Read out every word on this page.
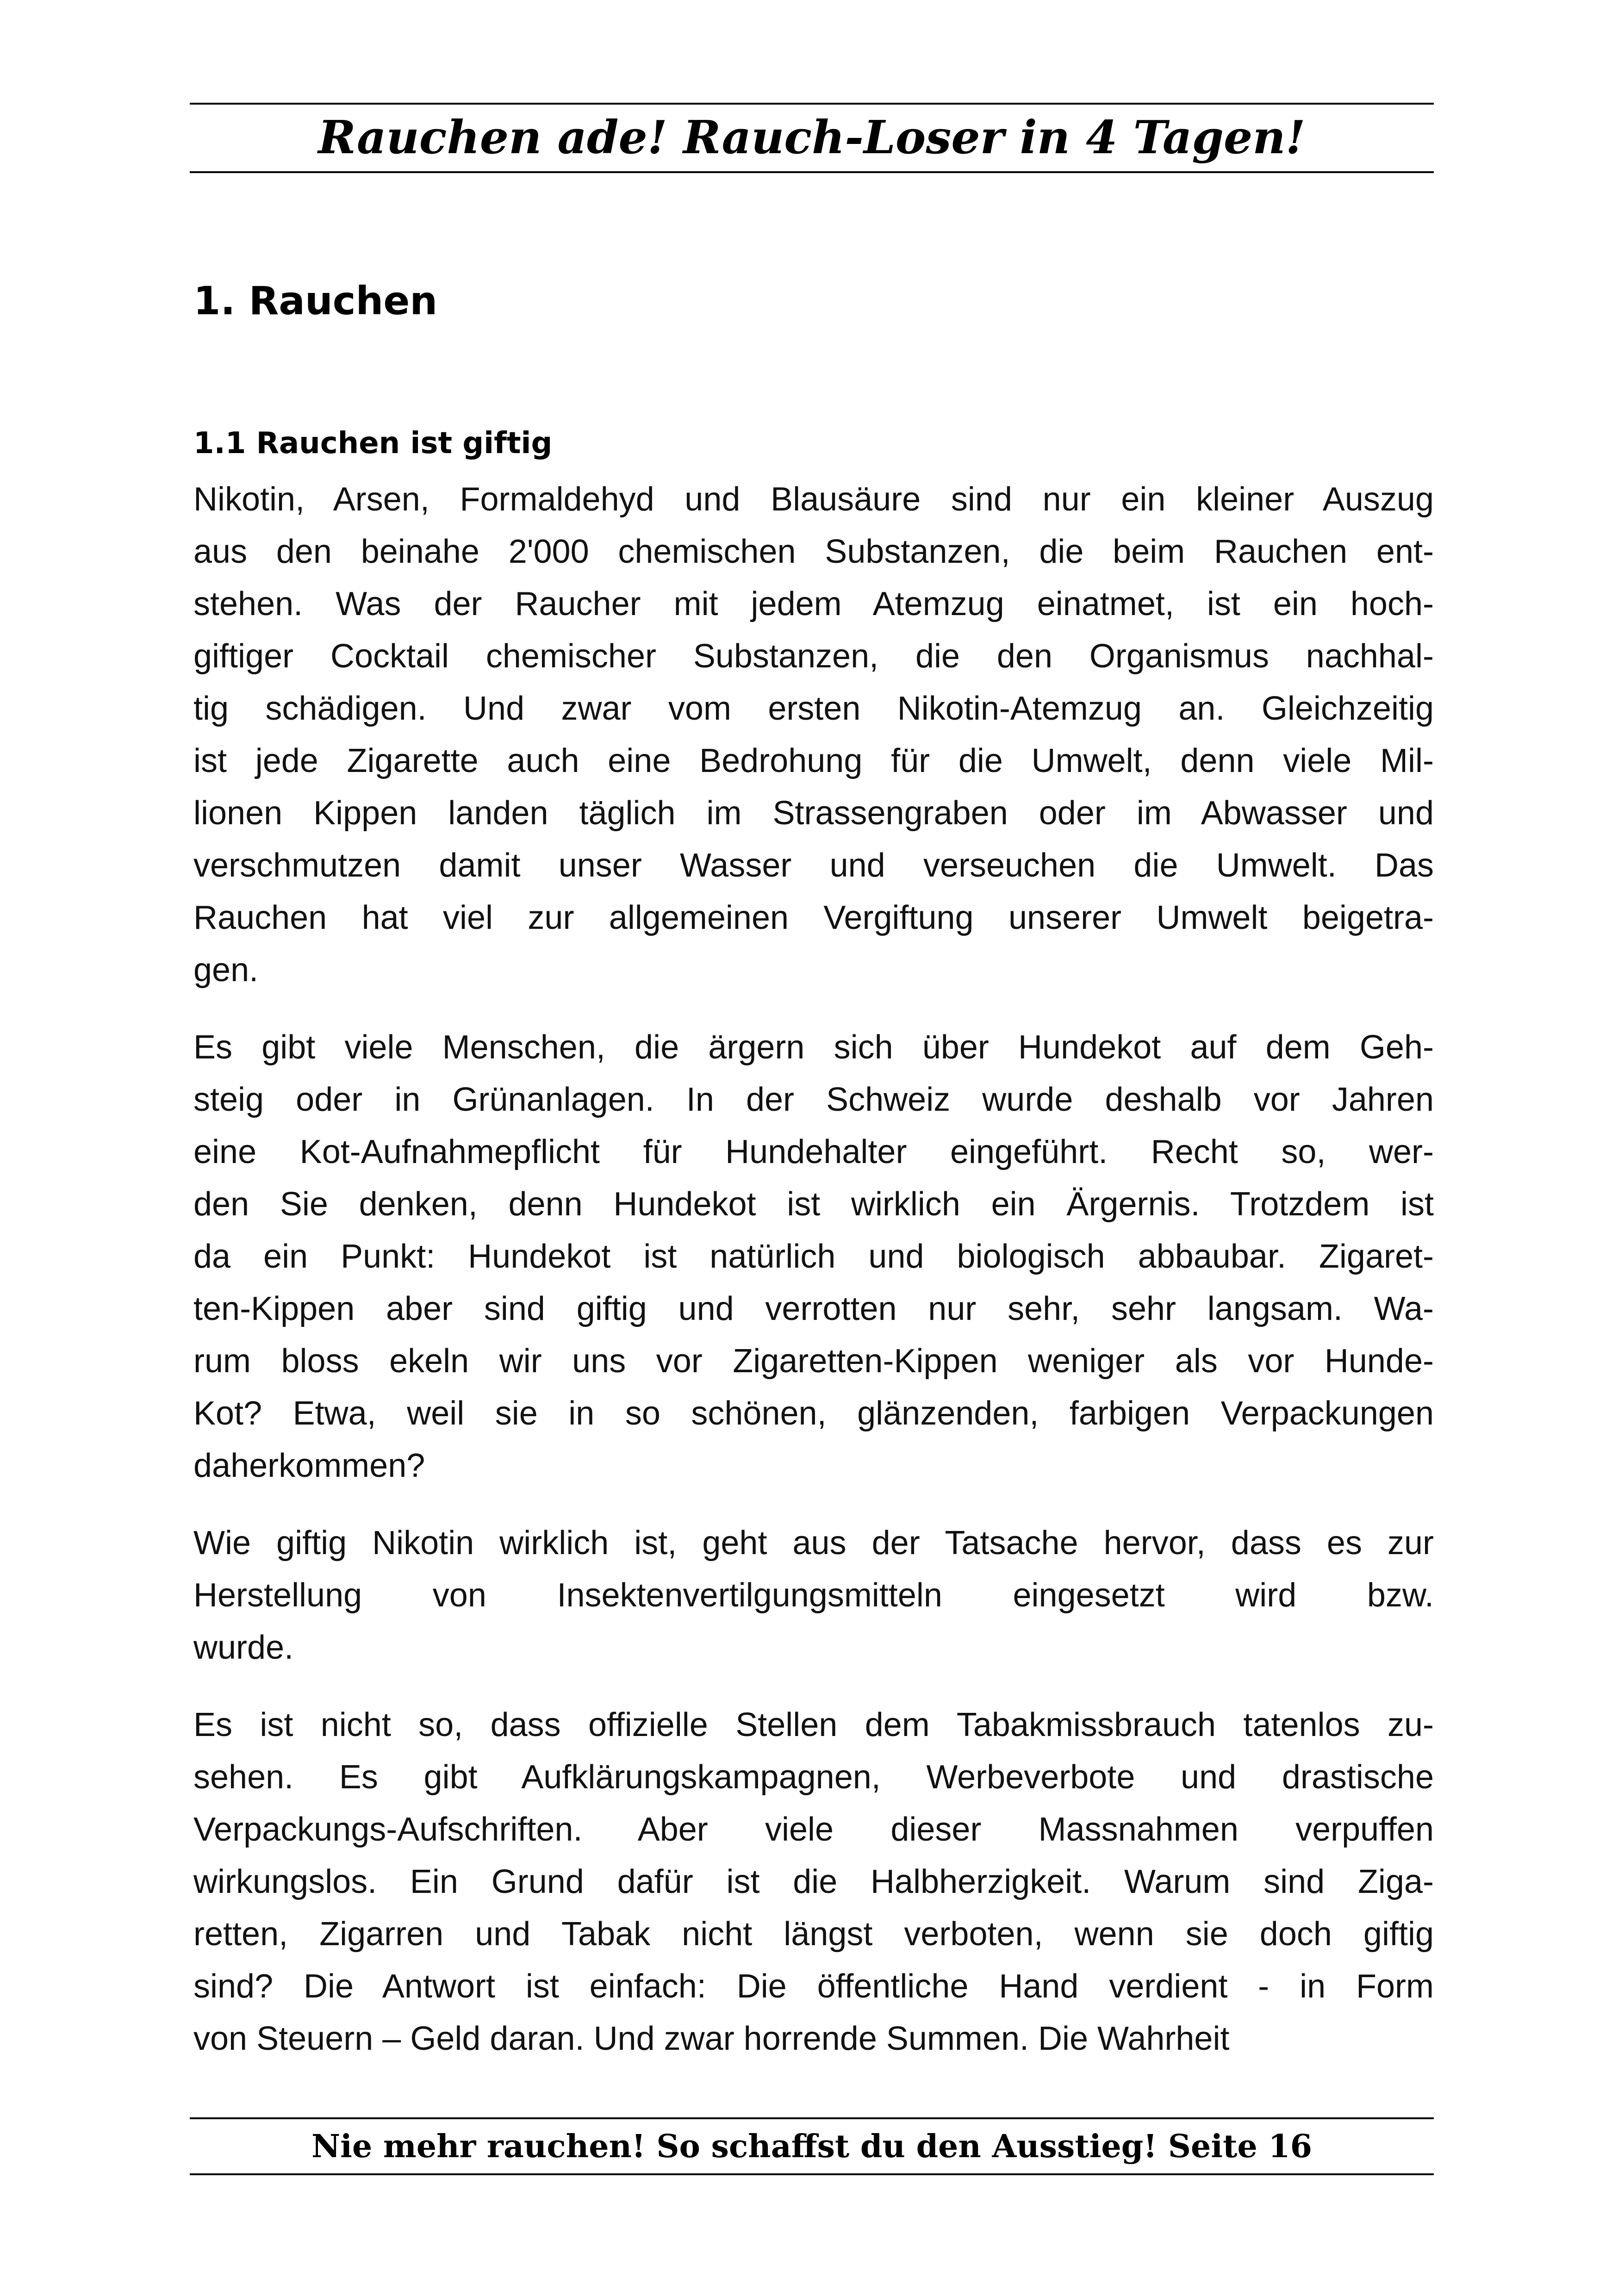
Rauchen ade! Rauch-Loser in 4 Tagen!
1. Rauchen
1.1 Rauchen ist giftig
Nikotin, Arsen, Formaldehyd und Blausäure sind nur ein kleiner Auszug
aus den beinahe 2'000 chemischen Substanzen, die beim Rauchen ent-
stehen. Was der Raucher mit jedem Atemzug einatmet, ist ein hoch-
giftiger Cocktail chemischer Substanzen, die den Organismus nachhal-
tig schädigen. Und zwar vom ersten Nikotin-Atemzug an. Gleichzeitig
ist jede Zigarette auch eine Bedrohung für die Umwelt, denn viele Mil-
lionen Kippen landen täglich im Strassengraben oder im Abwasser und
verschmutzen damit unser Wasser und verseuchen die Umwelt. Das
Rauchen hat viel zur allgemeinen Vergiftung unserer Umwelt beigetra-
gen.
Es gibt viele Menschen, die ärgern sich über Hundekot auf dem Geh-
steig oder in Grünanlagen. In der Schweiz wurde deshalb vor Jahren
eine Kot-Aufnahmepflicht für Hundehalter eingeführt. Recht so, wer-
den Sie denken, denn Hundekot ist wirklich ein Ärgernis. Trotzdem ist
da ein Punkt: Hundekot ist natürlich und biologisch abbaubar. Zigaret-
ten-Kippen aber sind giftig und verrotten nur sehr, sehr langsam. Wa-
rum bloss ekeln wir uns vor Zigaretten-Kippen weniger als vor Hunde-
Kot? Etwa, weil sie in so schönen, glänzenden, farbigen Verpackungen
daherkommen?
Wie giftig Nikotin wirklich ist, geht aus der Tatsache hervor, dass es zur
Herstellung von Insektenvertilgungsmitteln eingesetzt wird bzw.
wurde.
Es ist nicht so, dass offizielle Stellen dem Tabakmissbrauch tatenlos zu-
sehen. Es gibt Aufklärungskampagnen, Werbeverbote und drastische
Verpackungs-Aufschriften. Aber viele dieser Massnahmen verpuffen
wirkungslos. Ein Grund dafür ist die Halbherzigkeit. Warum sind Ziga-
retten, Zigarren und Tabak nicht längst verboten, wenn sie doch giftig
sind? Die Antwort ist einfach: Die öffentliche Hand verdient - in Form
von Steuern – Geld daran. Und zwar horrende Summen. Die Wahrheit
Nie mehr rauchen! So schaffst du den Ausstieg! Seite 16
